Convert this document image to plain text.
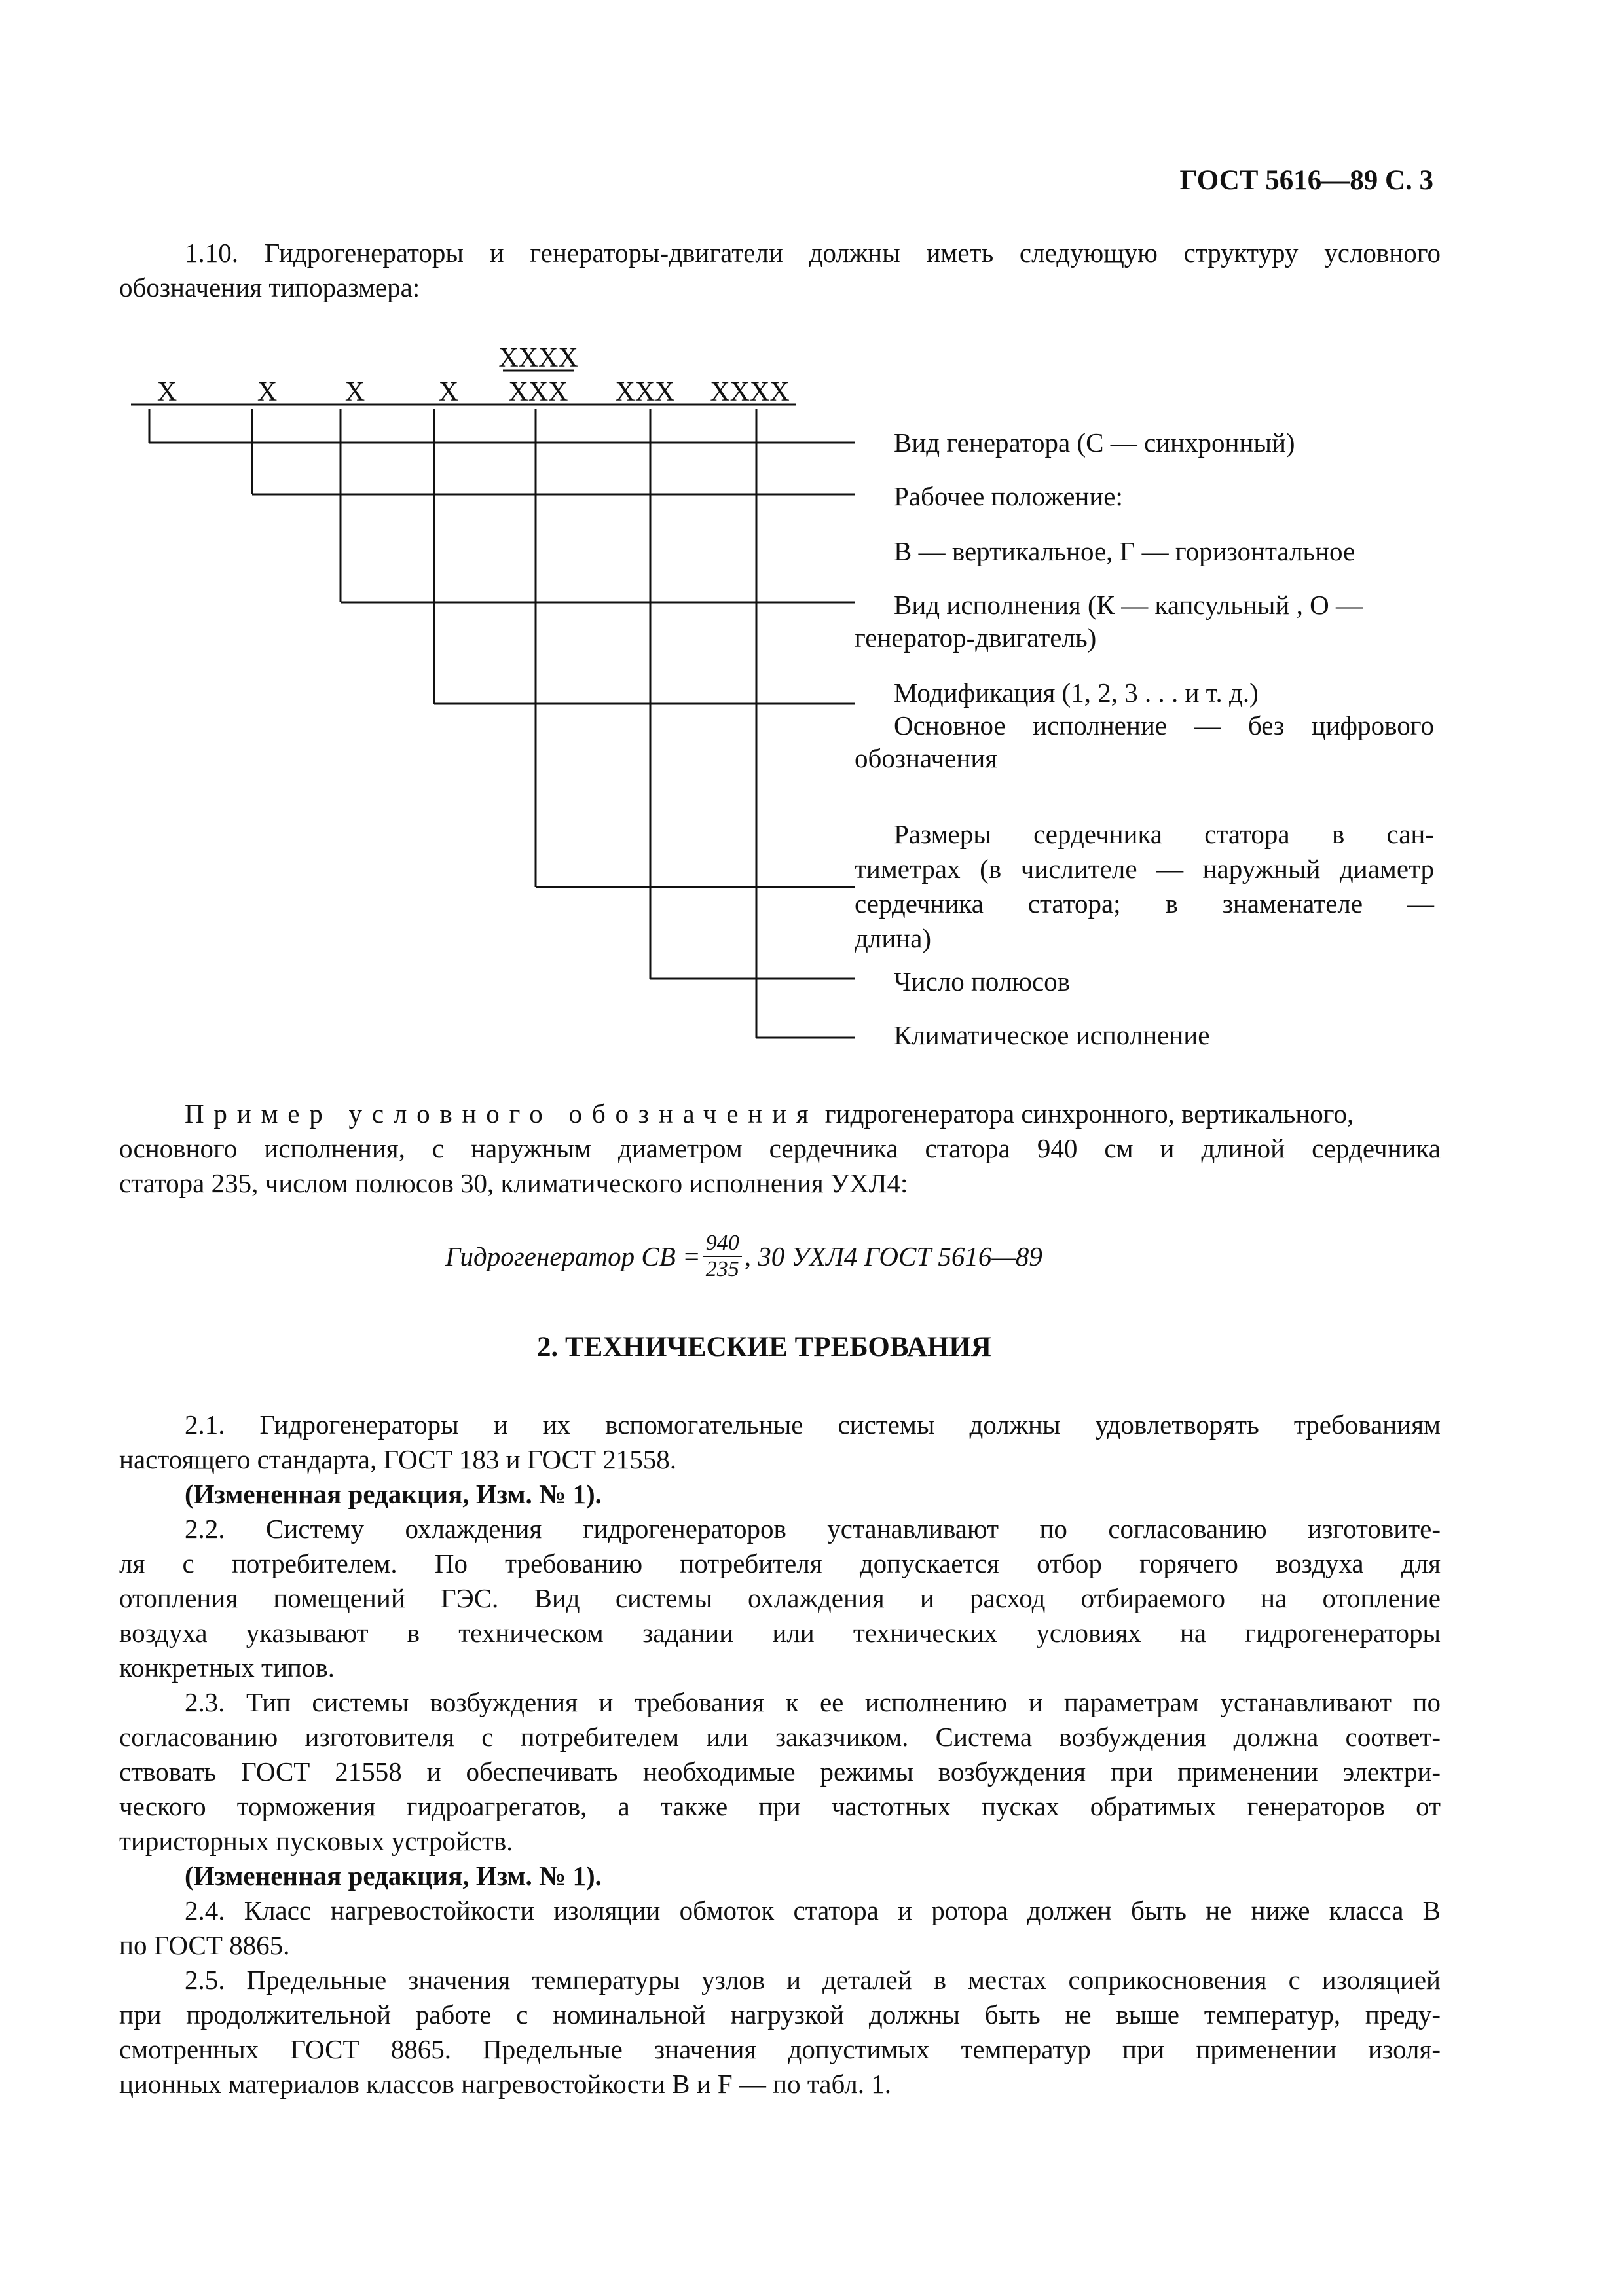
ГОСТ 5616—89 С. 3
1.10. Гидрогенераторы и генераторы-двигатели должны иметь следующую структуру условного
обозначения типоразмера:
XXXX
X	X X	X XXX XXX XXXX
Вид генератора (С — синхронный)
Рабочее положение:
В — вертикальное, Г — горизонтальное
Вид исполнения (К — капсульный , О —
генератор-двигатель)
Модификация (1, 2, 3 . . . и т. д.)
Основное исполнение — без цифрового
обозначения
Размеры сердечника статора в сан-
тиметрах (в числителе — наружный диаметр
сердечника статора; в знаменателе —
длина)
Число полюсов
Климатическое исполнение
Пример условного обозначения гидрогенератора синхронного, вертикального,
основного исполнения, с наружным диаметром сердечника статора 940 см и длиной сердечника
статора 235, числом полюсов 30, климатического исполнения УХЛ4:
Гидрогенератор СВ = $\frac{940}{235}$ , 30 УХЛ4 ГОСТ 5616—89
2. ТЕХНИЧЕСКИЕ ТРЕБОВАНИЯ
2.1. Гидрогенераторы и их вспомогательные системы должны удовлетворять требованиям
настоящего стандарта, ГОСТ 183 и ГОСТ 21558.
(Измененная редакция, Изм. № 1).
2.2. Систему охлаждения гидрогенераторов устанавливают по согласованию изготовите-
ля с потребителем. По требованию потребителя допускается отбор горячего воздуха для
отопления помещений ГЭС. Вид системы охлаждения и расход отбираемого на отопление
воздуха указывают в техническом задании или технических условиях на гидрогенераторы
конкретных типов.
2.3. Тип системы возбуждения и требования к ее исполнению и параметрам устанавливают по
согласованию изготовителя с потребителем или заказчиком. Система возбуждения должна соответ-
ствовать ГОСТ 21558 и обеспечивать необходимые режимы возбуждения при применении электри-
ческого торможения гидроагрегатов, а также при частотных пусках обратимых генераторов от
тиристорных пусковых устройств.
(Измененная редакция, Изм. № 1).
2.4. Класс нагревостойкости изоляции обмоток статора и ротора должен быть не ниже класса В
по ГОСТ 8865.
2.5. Предельные значения температуры узлов и деталей в местах соприкосновения с изоляцией
при продолжительной работе с номинальной нагрузкой должны быть не выше температур, преду-
смотренных ГОСТ 8865. Предельные значения допустимых температур при применении изоля-
ционных материалов классов нагревостойкости В и F — по табл. 1.
